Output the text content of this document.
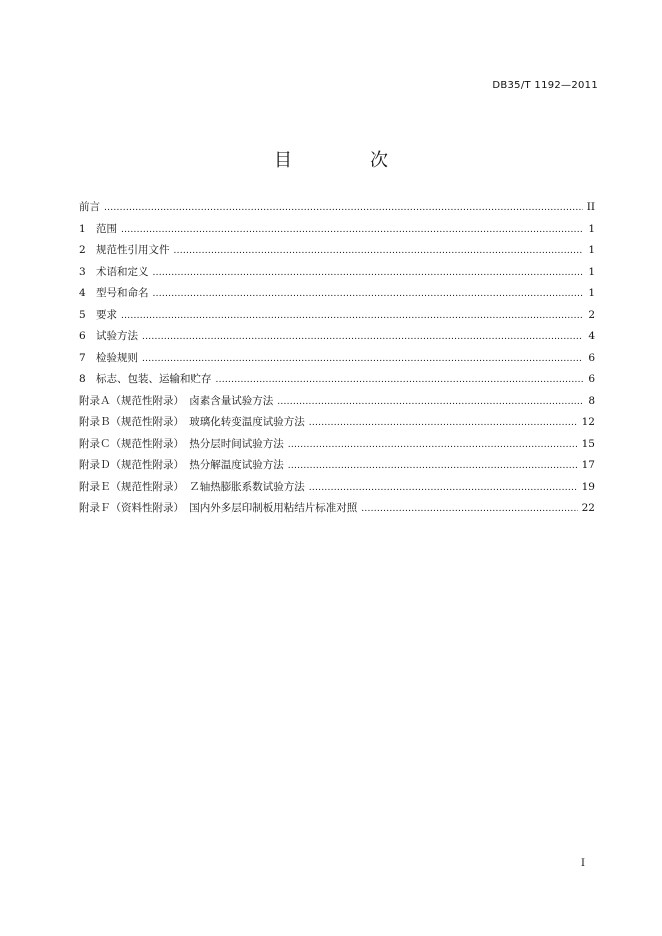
DB35/T 1192—2011
目　次
前言 . . .	II
1 范围 . . .	1
2 规范性引用文件 . . .	1
3 术语和定义 . . .	1
4 型号和命名 . . .	1
5 要求 . . .	2
6 试验方法 . . .	4
7 检验规则 . . .	6
8 标志、包装、运输和贮存 . . .	6
附录Ａ（规范性附录）　卤素含量试验方法 . . .	8
附录Ｂ（规范性附录）　玻璃化转变温度试验方法 . . .	12
附录Ｃ（规范性附录）　热分层时间试验方法 . . .	15
附录Ｄ（规范性附录）　热分解温度试验方法 . . .	17
附录Ｅ（规范性附录）　Ｚ轴热膨胀系数试验方法 . . .	19
附录Ｆ（资料性附录）　国内外多层印制板用粘结片标准对照 . . .	22
I
